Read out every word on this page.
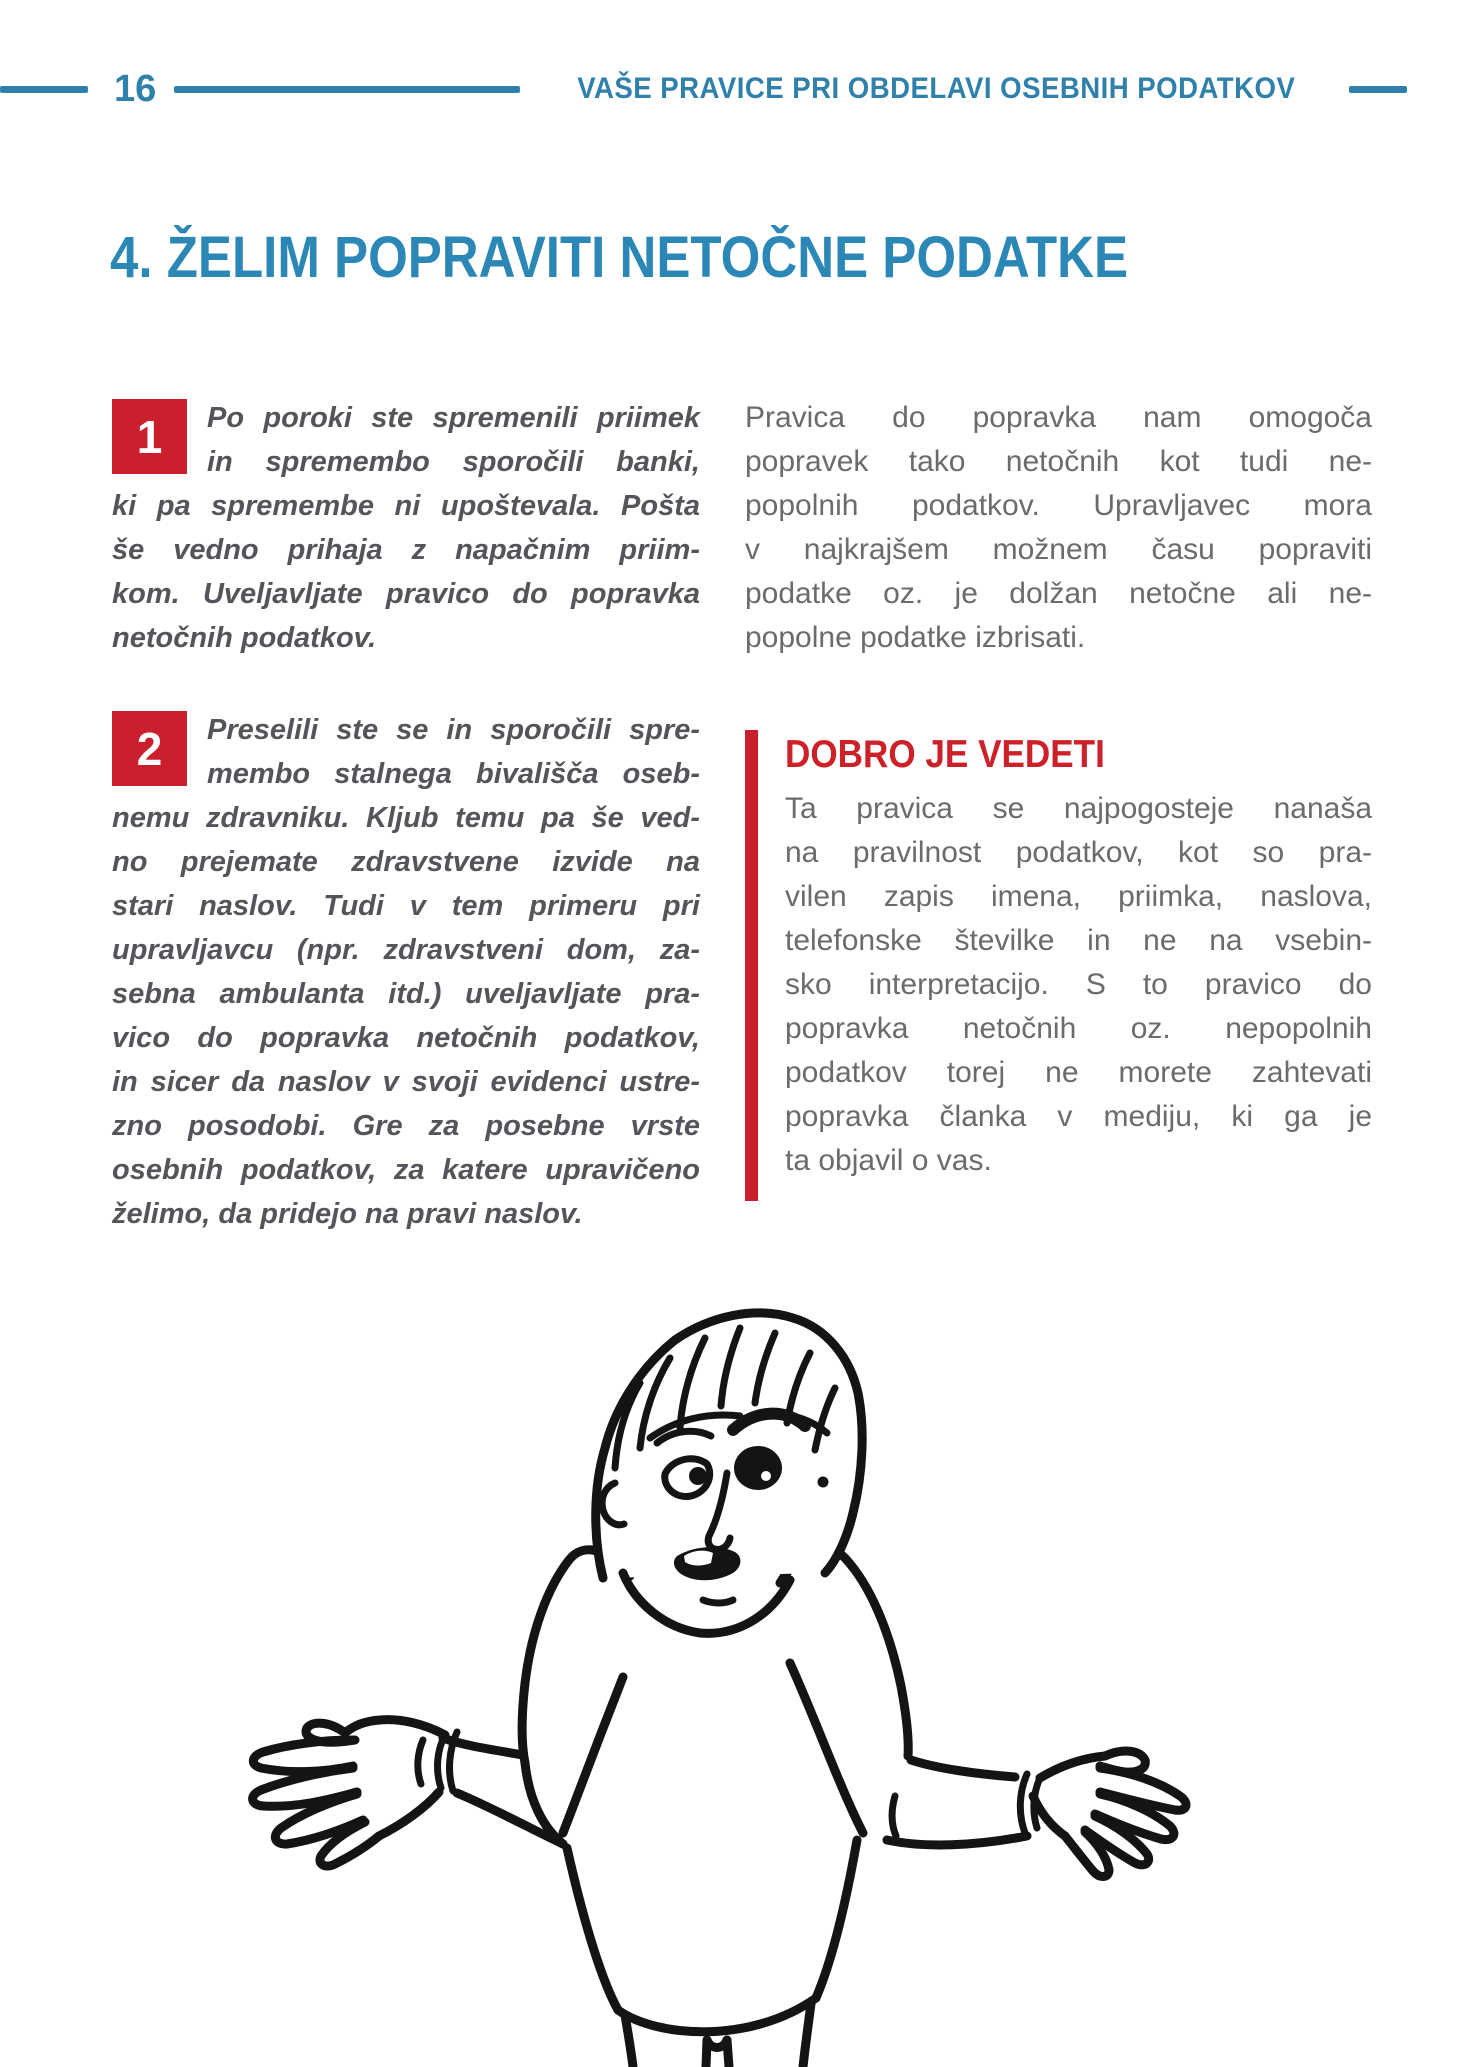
16	VAŠE PRAVICE PRI OBDELAVI OSEBNIH PODATKOV
4. ŽELIM POPRAVITI NETOČNE PODATKE
1	Po poroki ste spremenili priimek
in spremembo sporočili banki,
ki pa spremembe ni upoštevala. Pošta
še vedno prihaja z napačnim priim-
kom. Uveljavljate pravico do popravka
netočnih podatkov.
2	Preselili ste se in sporočili spre-
membo stalnega bivališča oseb-
nemu zdravniku. Kljub temu pa še ved-
no prejemate zdravstvene izvide na
stari naslov. Tudi v tem primeru pri
upravljavcu (npr. zdravstveni dom, za-
sebna ambulanta itd.) uveljavljate pra-
vico do popravka netočnih podatkov,
in sicer da naslov v svoji evidenci ustre-
zno posodobi. Gre za posebne vrste
osebnih podatkov, za katere upravičeno
želimo, da pridejo na pravi naslov.
Pravica do popravka nam omogoča
popravek tako netočnih kot tudi ne-
popolnih podatkov. Upravljavec mora
v najkrajšem možnem času popraviti
podatke oz. je dolžan netočne ali ne-
popolne podatke izbrisati.
DOBRO JE VEDETI
Ta pravica se najpogosteje nanaša
na pravilnost podatkov, kot so pra-
vilen zapis imena, priimka, naslova,
telefonske številke in ne na vsebin-
sko interpretacijo. S to pravico do
popravka netočnih oz. nepopolnih
podatkov torej ne morete zahtevati
popravka članka v mediju, ki ga je
ta objavil o vas.
